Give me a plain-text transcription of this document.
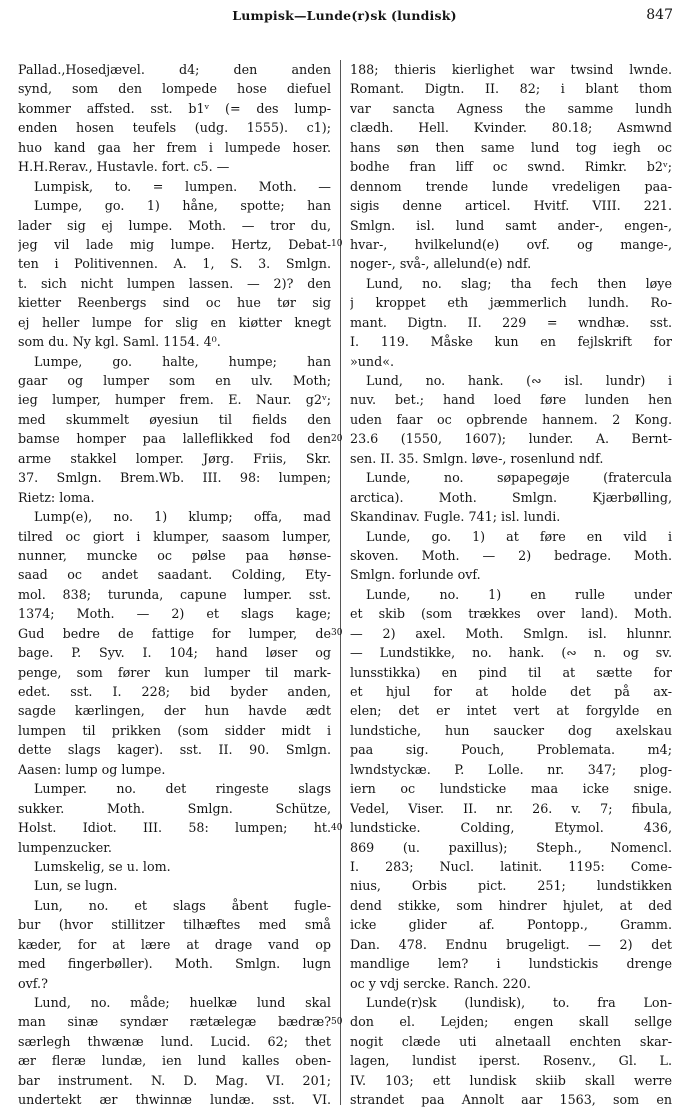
Lumpisk—Lunde(r)sk (lundisk)	847
Pallad.,Hosedjævel. d4; den anden
synd, som den lompede hose diefuel
kommer affsted. sst. b1ᵛ (= des lump-
enden hosen teufels (udg. 1555). c1);
huo kand gaa her frem i lumpede hoser.
H.H.Rerav., Hustavle. fort. c5. —
Lumpisk, to. = lumpen. Moth. —
Lumpe, go. 1) håne, spotte; han
lader sig ej lumpe. Moth. — tror du,
jeg vil lade mig lumpe. Hertz, Debat-
ten i Politivennen. A. 1, S. 3. Smlgn.
t. sich nicht lumpen lassen. — 2)? den
kietter Reenbergs sind oc hue tør sig
ej heller lumpe for slig en kiøtter knegt
som du. Ny kgl. Saml. 1154. 4⁰.
Lumpe, go. halte, humpe; han
gaar og lumper som en ulv. Moth;
ieg lumper, humper frem. E. Naur. g2ᵛ;
med skummelt øyesiun til fields den
bamse homper paa lalleflikked fod den
arme stakkel lomper. Jørg. Friis, Skr.
37. Smlgn. Brem.Wb. III. 98: lumpen;
Rietz: loma.
Lump(e), no. 1) klump; offa, mad
tilred oc giort i klumper, saasom lumper,
nunner, muncke oc pølse paa hønse-
saad oc andet saadant. Colding, Ety-
mol. 838; turunda, capune lumper. sst.
1374; Moth. — 2) et slags kage;
Gud bedre de fattige for lumper, de
bage. P. Syv. I. 104; hand løser og
penge, som fører kun lumper til mark-
edet. sst. I. 228; bid byder anden,
sagde kærlingen, der hun havde ædt
lumpen til prikken (som sidder midt i
dette slags kager). sst. II. 90. Smlgn.
Aasen: lump og lumpe.
Lumper. no. det ringeste slags
sukker. Moth. Smlgn. Schütze,
Holst. Idiot. III. 58: lumpen; ht.
lumpenzucker.
Lumskelig, se u. lom.
Lun, se lugn.
Lun, no. et slags åbent fugle-
bur (hvor stillitzer tilhæftes med små
kæder, for at lære at drage vand op
med fingerbøller). Moth. Smlgn. lugn
ovf.?
Lund, no. måde; huelkæ lund skal
man sinæ syndær rætælegæ bædræ?
særlegh thwænæ lund. Lucid. 62; thet
ær fleræ lundæ, ien lund kalles oben-
bar instrument. N. D. Mag. VI. 201;
undertekt ær thwinnæ lundæ. sst. VI.
188; thieris kierlighet war twsind lwnde.
Romant. Digtn. II. 82; i blant thom
var sancta Agness the samme lundh
clædh. Hell. Kvinder. 80.18; Asmwnd
hans søn then same lund tog iegh oc
bodhe fran liff oc swnd. Rimkr. b2ᵛ;
dennom trende lunde vredeligen paa-
sigis denne articel. Hvitf. VIII. 221.
Smlgn. isl. lund samt ander-, engen-,
hvar-, hvilkelund(e) ovf. og mange-,
noger-, svå-, allelund(e) ndf.
Lund, no. slag; tha fech then løye
j kroppet eth jæmmerlich lundh. Ro-
mant. Digtn. II. 229 = wndhæ. sst.
I. 119. Måske kun en fejlskrift for
»und«.
Lund, no. hank. (∾ isl. lundr) i
nuv. bet.; hand loed føre lunden hen
uden faar oc opbrende hannem. 2 Kong.
23.6 (1550, 1607); lunder. A. Bernt-
sen. II. 35. Smlgn. løve-, rosenlund ndf.
Lunde, no. søpapegøje (fratercula
arctica). Moth. Smlgn. Kjærbølling,
Skandinav. Fugle. 741; isl. lundi.
Lunde, go. 1) at føre en vild i
skoven. Moth. — 2) bedrage. Moth.
Smlgn. forlunde ovf.
Lunde, no. 1) en rulle under
et skib (som trækkes over land). Moth.
— 2) axel. Moth. Smlgn. isl. hlunnr.
— Lundstikke, no. hank. (∾ n. og sv.
lunsstikka) en pind til at sætte for
et hjul for at holde det på ax-
elen; det er intet vert at forgylde en
lundstiche, hun saucker dog axelskau
paa sig. Pouch, Problemata. m4;
lwndstyckæ. P. Lolle. nr. 347; plog-
iern oc lundsticke maa icke snige.
Vedel, Viser. II. nr. 26. v. 7; fibula,
lundsticke. Colding, Etymol. 436,
869 (u. paxillus); Steph., Nomencl.
I. 283; Nucl. latinit. 1195: Come-
nius, Orbis pict. 251; lundstikken
dend stikke, som hindrer hjulet, at ded
icke glider af. Pontopp., Gramm.
Dan. 478. Endnu brugeligt. — 2) det
mandlige lem? i lundstickis drenge
oc y vdj sercke. Ranch. 220.
Lunde(r)sk (lundisk), to. fra Lon-
don el. Lejden; engen skall sellge
nogit clæde uti alnetaall enchten skar-
lagen, lundist iperst. Rosenv., Gl. L.
IV. 103; ett lundisk skiib skall werre
strandet paa Annolt aar 1563, som en
10
20
30
40
50
